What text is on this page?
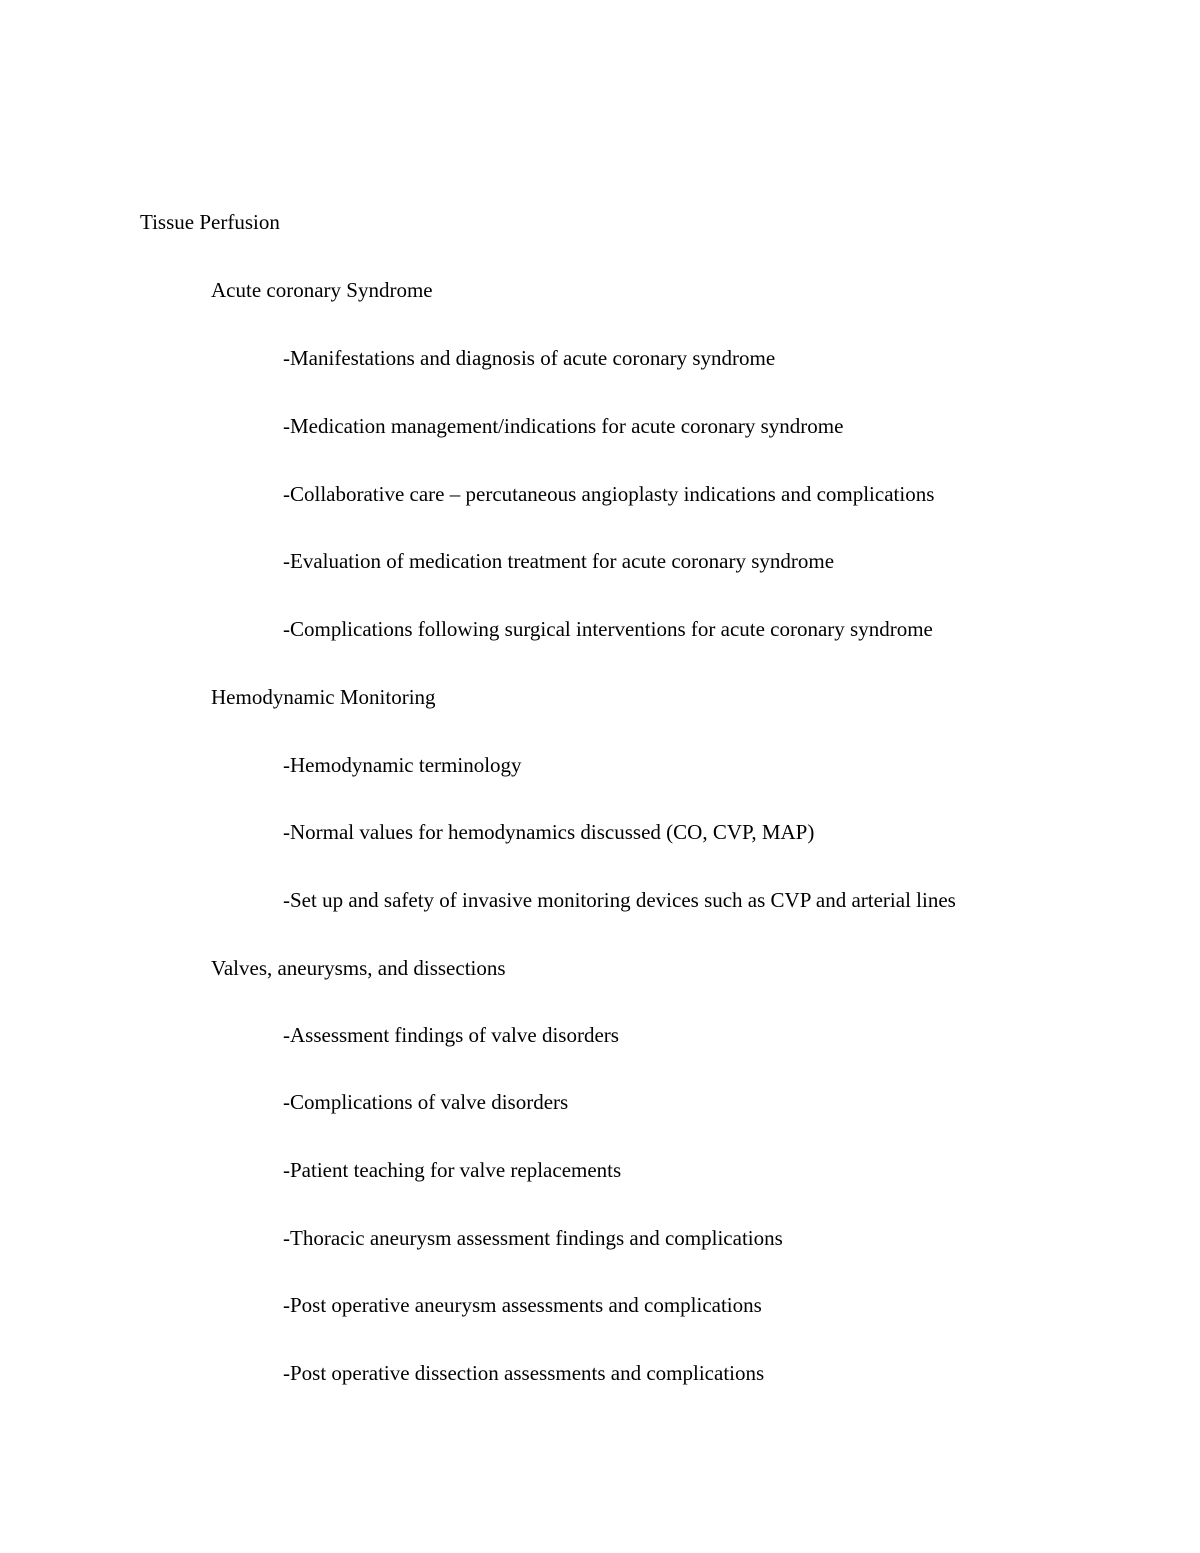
Tissue Perfusion
Acute coronary Syndrome
-Manifestations and diagnosis of acute coronary syndrome
-Medication management/indications for acute coronary syndrome
-Collaborative care – percutaneous angioplasty indications and complications
-Evaluation of medication treatment for acute coronary syndrome
-Complications following surgical interventions for acute coronary syndrome
Hemodynamic Monitoring
-Hemodynamic terminology
-Normal values for hemodynamics discussed (CO, CVP, MAP)
-Set up and safety of invasive monitoring devices such as CVP and arterial lines
Valves, aneurysms, and dissections
-Assessment findings of valve disorders
-Complications of valve disorders
-Patient teaching for valve replacements
-Thoracic aneurysm assessment findings and complications
-Post operative aneurysm assessments and complications
-Post operative dissection assessments and complications
